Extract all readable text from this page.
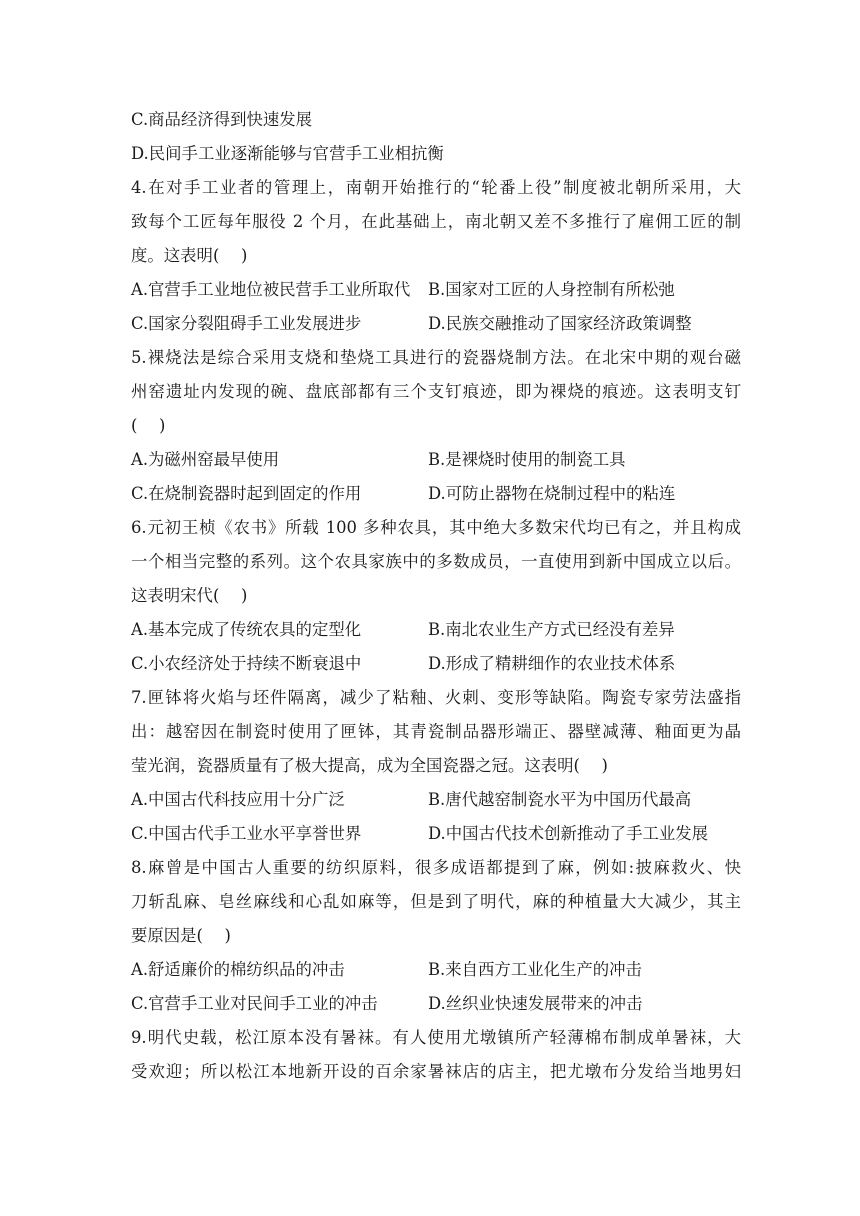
C.商品经济得到快速发展
D.民间手工业逐渐能够与官营手工业相抗衡
4.在对手工业者的管理上，南朝开始推行的“轮番上役”制度被北朝所采用，大
致每个工匠每年服役 2 个月，在此基础上，南北朝又差不多推行了雇佣工匠的制
度。这表明(　 )
A.官营手工业地位被民营手工业所取代	B.国家对工匠的人身控制有所松弛
C.国家分裂阻碍手工业发展进步	D.民族交融推动了国家经济政策调整
5.裸烧法是综合采用支烧和垫烧工具进行的瓷器烧制方法。在北宋中期的观台磁
州窑遗址内发现的碗、盘底部都有三个支钉痕迹，即为裸烧的痕迹。这表明支钉
(　 )
A.为磁州窑最早使用	B.是裸烧时使用的制瓷工具
C.在烧制瓷器时起到固定的作用	D.可防止器物在烧制过程中的粘连
6.元初王桢《农书》所载 100 多种农具，其中绝大多数宋代均已有之，并且构成
一个相当完整的系列。这个农具家族中的多数成员，一直使用到新中国成立以后。
这表明宋代(　 )
A.基本完成了传统农具的定型化	B.南北农业生产方式已经没有差异
C.小农经济处于持续不断衰退中	D.形成了精耕细作的农业技术体系
7.匣钵将火焰与坯件隔离，减少了粘釉、火刺、变形等缺陷。陶瓷专家劳法盛指
出：越窑因在制瓷时使用了匣钵，其青瓷制品器形端正、器壁减薄、釉面更为晶
莹光润，瓷器质量有了极大提高，成为全国瓷器之冠。这表明(　 )
A.中国古代科技应用十分广泛	B.唐代越窑制瓷水平为中国历代最高
C.中国古代手工业水平享誉世界	D.中国古代技术创新推动了手工业发展
8.麻曾是中国古人重要的纺织原料，很多成语都提到了麻，例如:披麻救火、快
刀斩乱麻、皂丝麻线和心乱如麻等，但是到了明代，麻的种植量大大减少，其主
要原因是(　 )
A.舒适廉价的棉纺织品的冲击	B.来自西方工业化生产的冲击
C.官营手工业对民间手工业的冲击	D.丝织业快速发展带来的冲击
9.明代史载，松江原本没有暑袜。有人使用尤墩镇所产轻薄棉布制成单暑袜，大
受欢迎；所以松江本地新开设的百余家暑袜店的店主，把尤墩布分发给当地男妇
